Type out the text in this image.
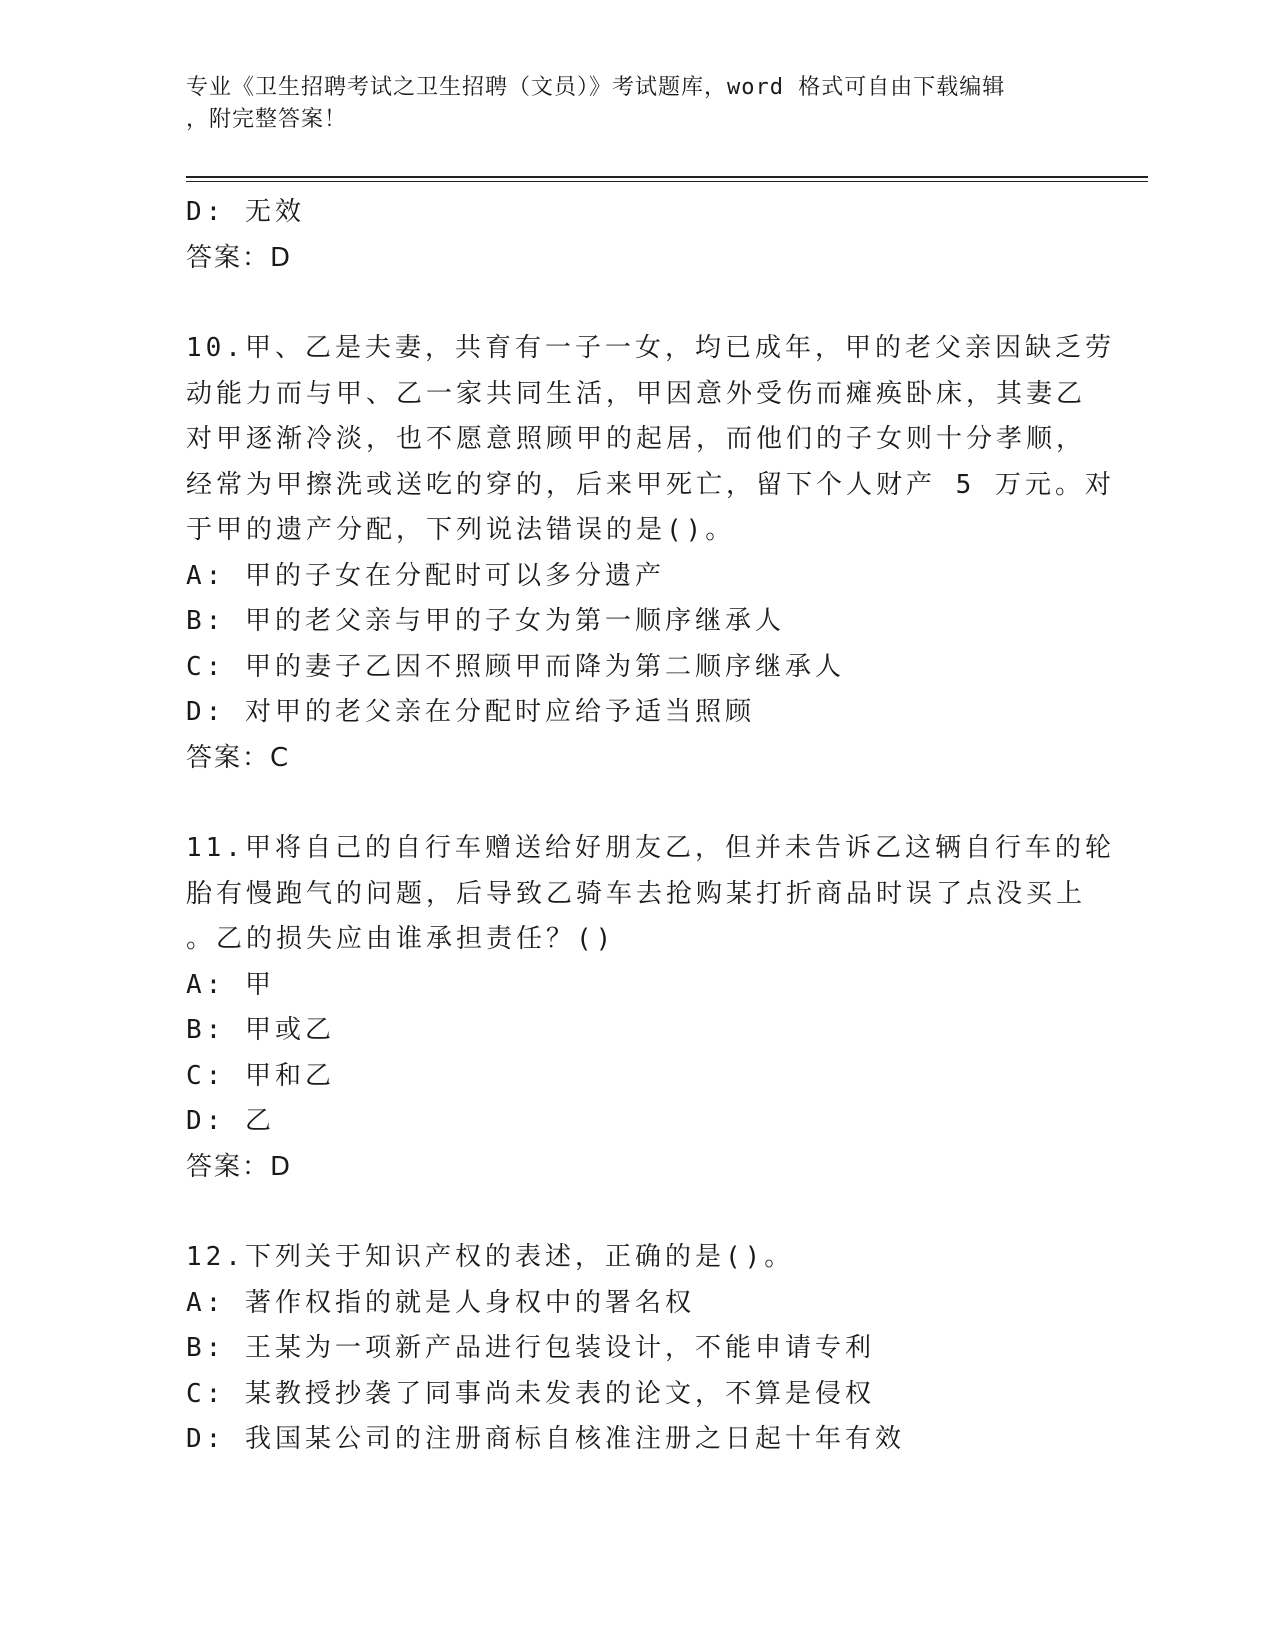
专业《卫生招聘考试之卫生招聘（文员）》考试题库，word 格式可自由下载编辑
，附完整答案！
D: 无效
答案：D
10.甲、乙是夫妻，共育有一子一女，均已成年，甲的老父亲因缺乏劳
动能力而与甲、乙一家共同生活，甲因意外受伤而瘫痪卧床，其妻乙
对甲逐渐冷淡，也不愿意照顾甲的起居，而他们的子女则十分孝顺，
经常为甲擦洗或送吃的穿的，后来甲死亡，留下个人财产 5 万元。对
于甲的遗产分配，下列说法错误的是()。
A: 甲的子女在分配时可以多分遗产
B: 甲的老父亲与甲的子女为第一顺序继承人
C: 甲的妻子乙因不照顾甲而降为第二顺序继承人
D: 对甲的老父亲在分配时应给予适当照顾
答案：C
11.甲将自己的自行车赠送给好朋友乙，但并未告诉乙这辆自行车的轮
胎有慢跑气的问题，后导致乙骑车去抢购某打折商品时误了点没买上
。乙的损失应由谁承担责任？()
A: 甲
B: 甲或乙
C: 甲和乙
D: 乙
答案：D
12.下列关于知识产权的表述，正确的是()。
A: 著作权指的就是人身权中的署名权
B: 王某为一项新产品进行包装设计，不能申请专利
C: 某教授抄袭了同事尚未发表的论文，不算是侵权
D: 我国某公司的注册商标自核准注册之日起十年有效
